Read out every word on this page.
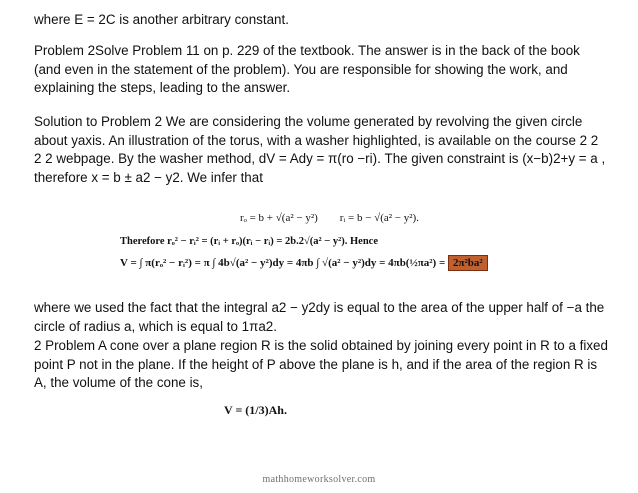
where E = 2C is another arbitrary constant.

Problem 2Solve Problem 11 on p. 229 of the textbook. The answer is in the back of the book (and even in the statement of the problem). You are responsible for showing the work, and explaining the steps, leading to the answer.

Solution to Problem 2 We are considering the volume generated by revolving the given circle about yaxis. An illustration of the torus, with a washer highlighted, is available on the course 2 2 2 2 webpage. By the washer method, dV = Ady = π(ro −ri). The given constraint is (x−b)2+y = a , therefore x = b ± a2 − y2. We infer that

rₒ = b + √(a² − y²) rᵢ = b − √(a² − y²).
Therefore rₒ² − rᵢ² = (rᵢ + rₒ)(rᵢ − rᵢ) = 2b.2√(a² − y²). Hence
V = ∫ π(rₒ² − rᵢ²) = π ∫ 4b√(a² − y²)dy = 4πb ∫ √(a² − y²)dy = 4πb(½πa²) = 2π²ba²

where we used the fact that the integral a2 − y2dy is equal to the area of the upper half of −a the circle of radius a, which is equal to 1πa2.

2 Problem A cone over a plane region R is the solid obtained by joining every point in R to a fixed point P not in the plane. If the height of P above the plane is h, and if the area of the region R is A, the volume of the cone is,

V = (1/3)Ah.
mathhomeworksolver.com
